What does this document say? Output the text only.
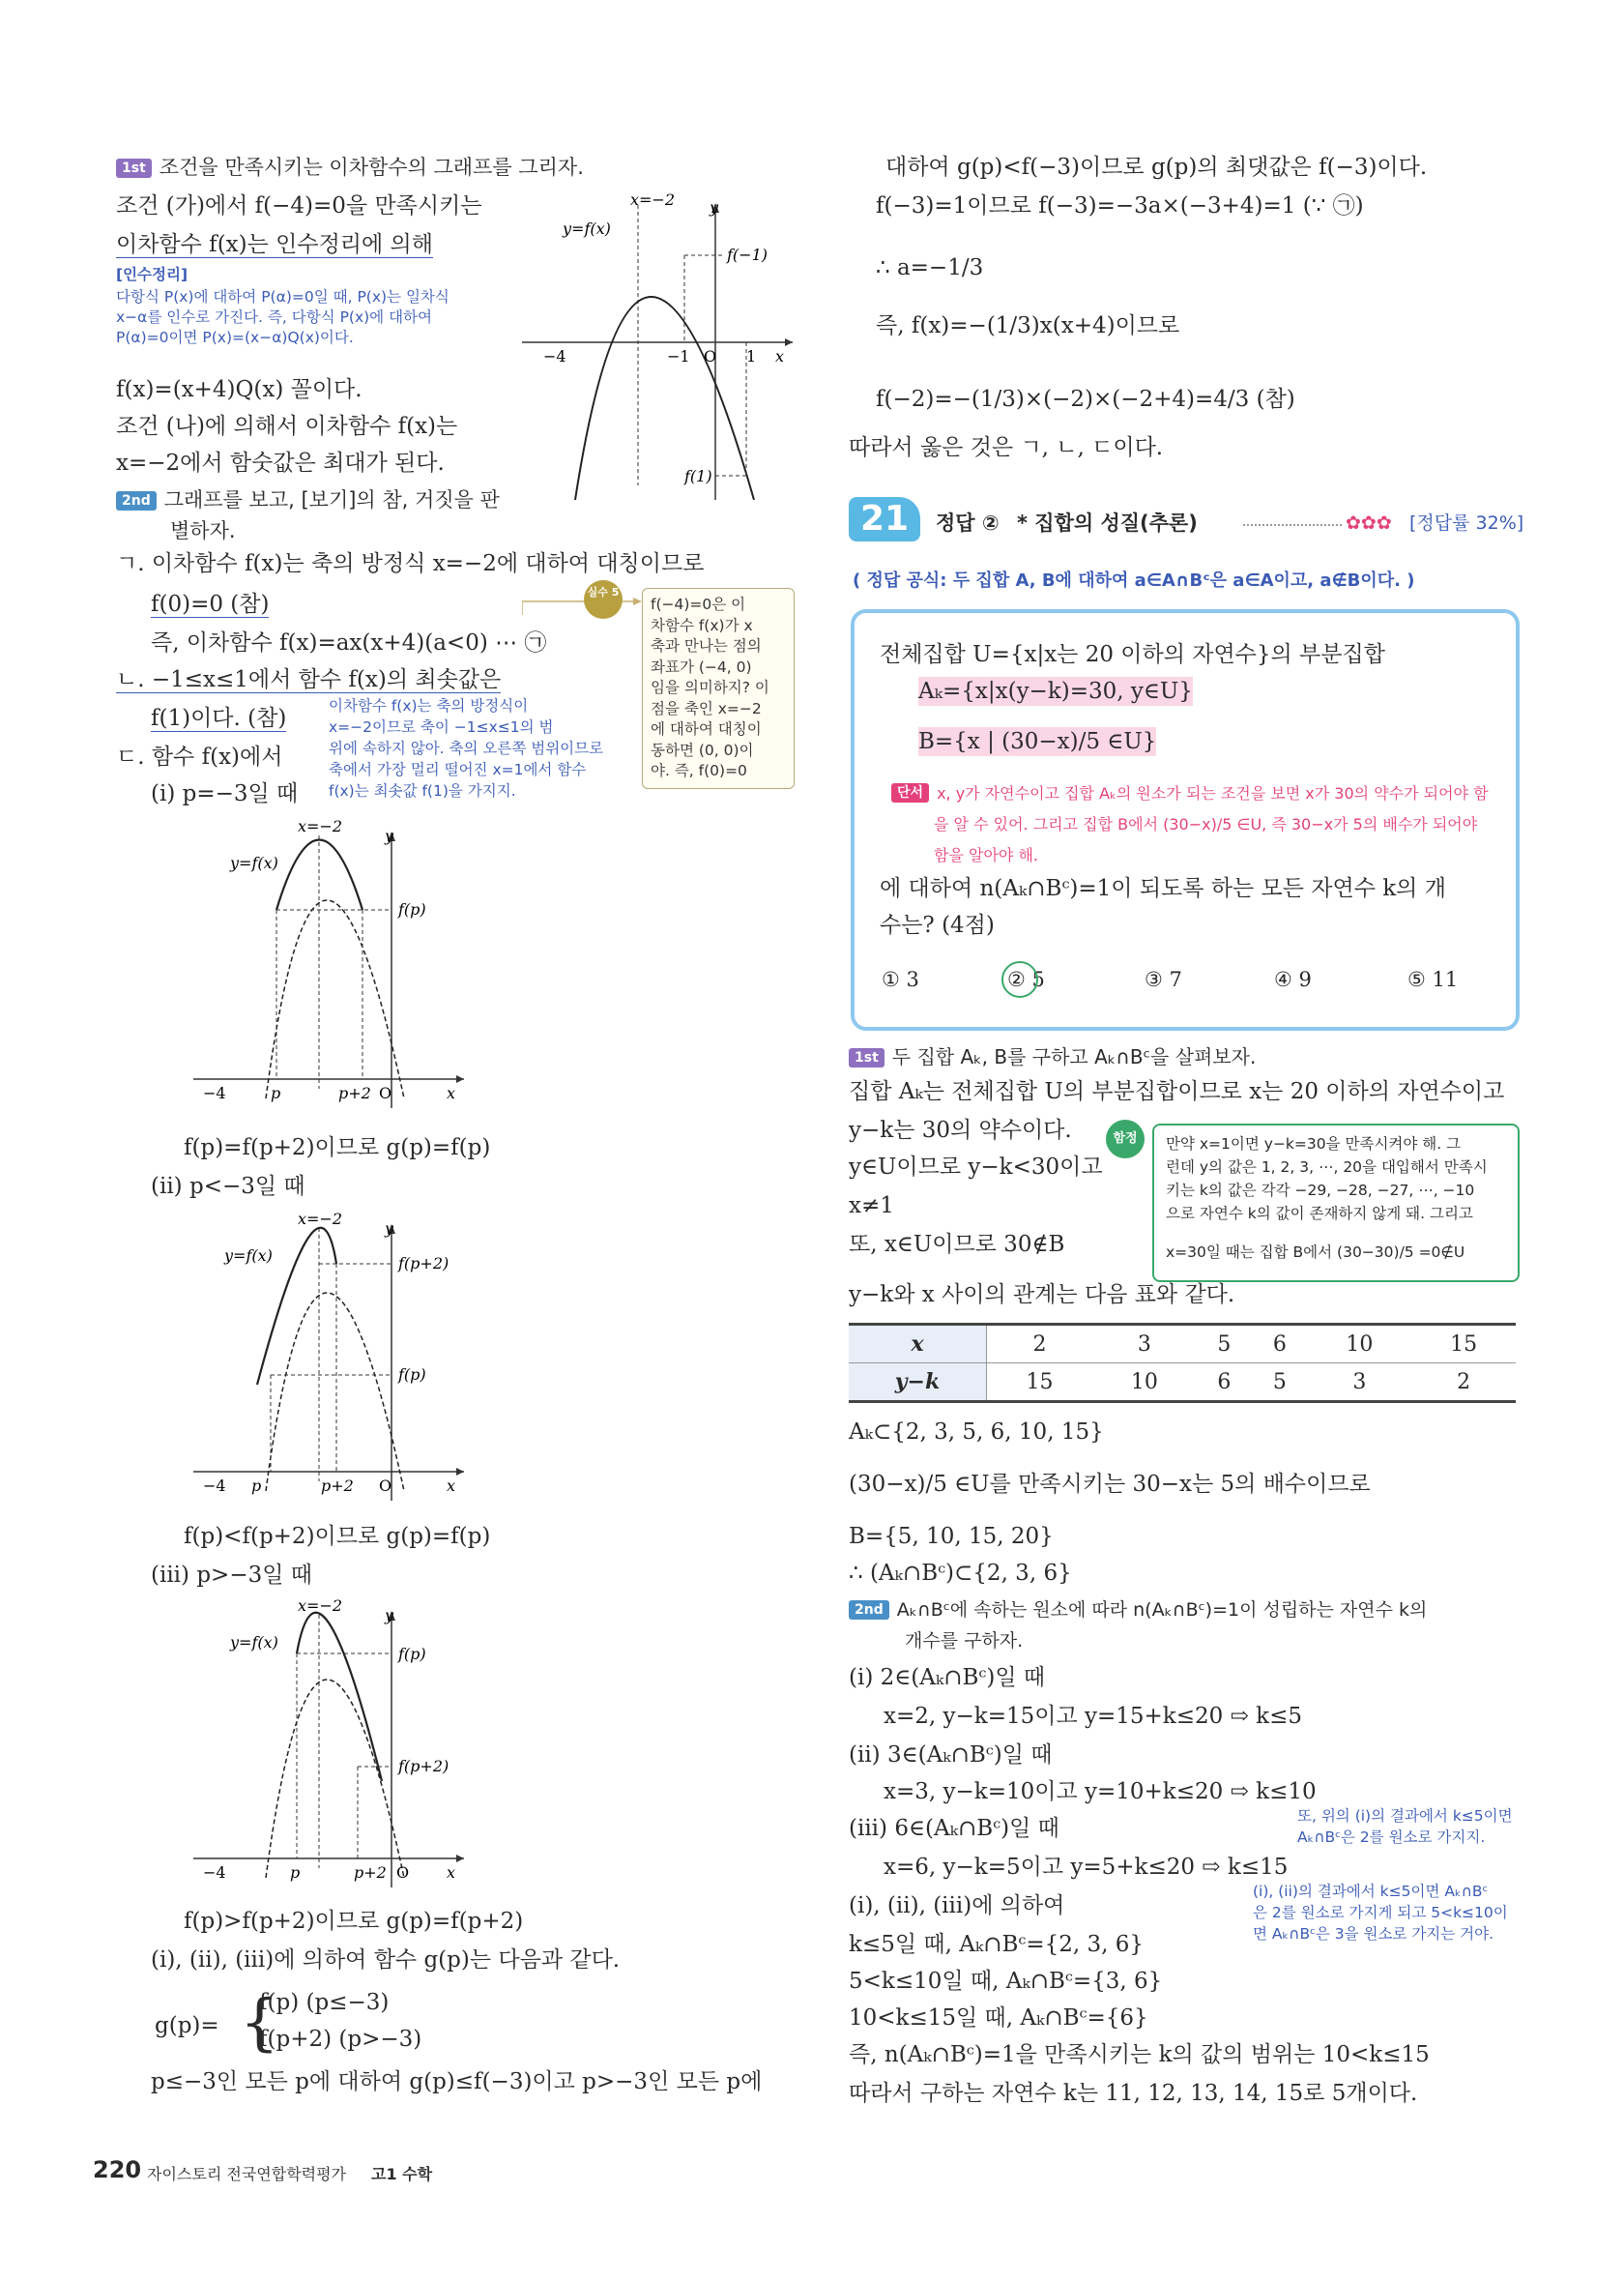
1st 조건을 만족시키는 이차함수의 그래프를 그리자.
조건 (가)에서 f(−4)=0을 만족시키는
이차함수 f(x)는 인수정리에 의해
[인수정리]
다항식 P(x)에 대하여 P(α)=0일 때, P(x)는 일차식
x−α를 인수로 가진다. 즉, 다항식 P(x)에 대하여
P(α)=0이면 P(x)=(x−α)Q(x)이다.
f(x)=(x+4)Q(x) 꼴이다.
조건 (나)에 의해서 이차함수 f(x)는
x=−2에서 함숫값은 최대가 된다.
2nd 그래프를 보고, [보기]의 참, 거짓을 판
별하자.
x=−2 y
y=f(x)
f(−1)
−4	−1 O 1 x
f(1)
ㄱ. 이차함수 f(x)는 축의 방정식 x=−2에 대하여 대칭이므로
f(0)=0 (참)
즉, 이차함수 f(x)=ax(x+4)(a<0) ⋯ ㉠
ㄴ. −1≤x≤1에서 함수 f(x)의 최솟값은
f(1)이다. (참)	이차함수 f(x)는 축의 방정식이
x=−2이므로 축이 −1≤x≤1의 범
위에 속하지 않아. 축의 오른쪽 범위이므로
축에서 가장 멀리 떨어진 x=1에서 함수
f(x)는 최솟값 f(1)을 가지지.
ㄷ. 함수 f(x)에서
(i) p=−3일 때
실수 5
f(−4)=0은 이
차함수 f(x)가 x
축과 만나는 점의
좌표가 (−4, 0)
임을 의미하지? 이
점을 축인 x=−2
에 대하여 대칭이
동하면 (0, 0)이
야. 즉, f(0)=0
x=−2
y
y=f(x)
f(p)
−4	p	p+2 O	x
f(p)=f(p+2)이므로 g(p)=f(p)
(ii) p<−3일 때
x=−2
y
y=f(x)	f(p+2)
f(p)
−4 p	p+2 O	x
f(p)<f(p+2)이므로 g(p)=f(p)
(iii) p>−3일 때
x=−2
y
y=f(x)
f(p)
f(p+2)
−4	p	p+2 O x
f(p)>f(p+2)이므로 g(p)=f(p+2)
(i), (ii), (iii)에 의하여 함수 g(p)는 다음과 같다.
g(p)= {
f(p) (p≤−3)
f(p+2) (p>−3)
p≤−3인 모든 p에 대하여 g(p)≤f(−3)이고 p>−3인 모든 p에
대하여 g(p)<f(−3)이므로 g(p)의 최댓값은 f(−3)이다.
f(−3)=1이므로 f(−3)=−3a×(−3+4)=1 (∵ ㉠)
∴ a=−1/3
즉, f(x)=−(1/3)x(x+4)이므로
f(−2)=−(1/3)×(−2)×(−2+4)=4/3 (참)
따라서 옳은 것은 ㄱ, ㄴ, ㄷ이다.
21	정답 ② * 집합의 성질(추론)	✿✿✿ [정답률 32%]
( 정답 공식: 두 집합 A, B에 대하여 a∈A∩Bᶜ은 a∈A이고, a∉B이다. )
전체집합 U={x|x는 20 이하의 자연수}의 부분집합
Aₖ={x|x(y−k)=30, y∈U}
B={x | (30−x)/5 ∈U}
단서 x, y가 자연수이고 집합 Aₖ의 원소가 되는 조건을 보면 x가 30의 약수가 되어야 함
을 알 수 있어. 그리고 집합 B에서 (30−x)/5 ∈U, 즉 30−x가 5의 배수가 되어야
함을 알아야 해.
에 대하여 n(Aₖ∩Bᶜ)=1이 되도록 하는 모든 자연수 k의 개
수는? (4점)
① 3	② 5	③ 7	④ 9	⑤ 11
1st 두 집합 Aₖ, B를 구하고 Aₖ∩Bᶜ을 살펴보자.
집합 Aₖ는 전체집합 U의 부분집합이므로 x는 20 이하의 자연수이고
y−k는 30의 약수이다.
y∈U이므로 y−k<30이고
x≠1
또, x∈U이므로 30∉B
함정	만약 x=1이면 y−k=30을 만족시켜야 해. 그
런데 y의 값은 1, 2, 3, ⋯, 20을 대입해서 만족시
키는 k의 값은 각각 −29, −28, −27, ⋯, −10
으로 자연수 k의 값이 존재하지 않게 돼. 그리고
x=30일 때는 집합 B에서 (30−30)/5 =0∉U
y−k와 x 사이의 관계는 다음 표와 같다.
x	2	3	5	6	10	15
y−k	15	10	6	5	3	2
Aₖ⊂{2, 3, 5, 6, 10, 15}
(30−x)/5 ∈U를 만족시키는 30−x는 5의 배수이므로
B={5, 10, 15, 20}
∴ (Aₖ∩Bᶜ)⊂{2, 3, 6}
2nd Aₖ∩Bᶜ에 속하는 원소에 따라 n(Aₖ∩Bᶜ)=1이 성립하는 자연수 k의
개수를 구하자.
(i) 2∈(Aₖ∩Bᶜ)일 때
x=2, y−k=15이고 y=15+k≤20 ⇨ k≤5
(ii) 3∈(Aₖ∩Bᶜ)일 때
x=3, y−k=10이고 y=10+k≤20 ⇨ k≤10
또, 위의 (i)의 결과에서 k≤5이면
Aₖ∩Bᶜ은 2를 원소로 가지지.
(iii) 6∈(Aₖ∩Bᶜ)일 때
x=6, y−k=5이고 y=5+k≤20 ⇨ k≤15
(i), (ii)의 결과에서 k≤5이면 Aₖ∩Bᶜ
은 2를 원소로 가지게 되고 5<k≤10이
면 Aₖ∩Bᶜ은 3을 원소로 가지는 거야.
(i), (ii), (iii)에 의하여
k≤5일 때, Aₖ∩Bᶜ={2, 3, 6}
5<k≤10일 때, Aₖ∩Bᶜ={3, 6}
10<k≤15일 때, Aₖ∩Bᶜ={6}
즉, n(Aₖ∩Bᶜ)=1을 만족시키는 k의 값의 범위는 10<k≤15
따라서 구하는 자연수 k는 11, 12, 13, 14, 15로 5개이다.
220 자이스토리 전국연합학력평가 고1 수학
